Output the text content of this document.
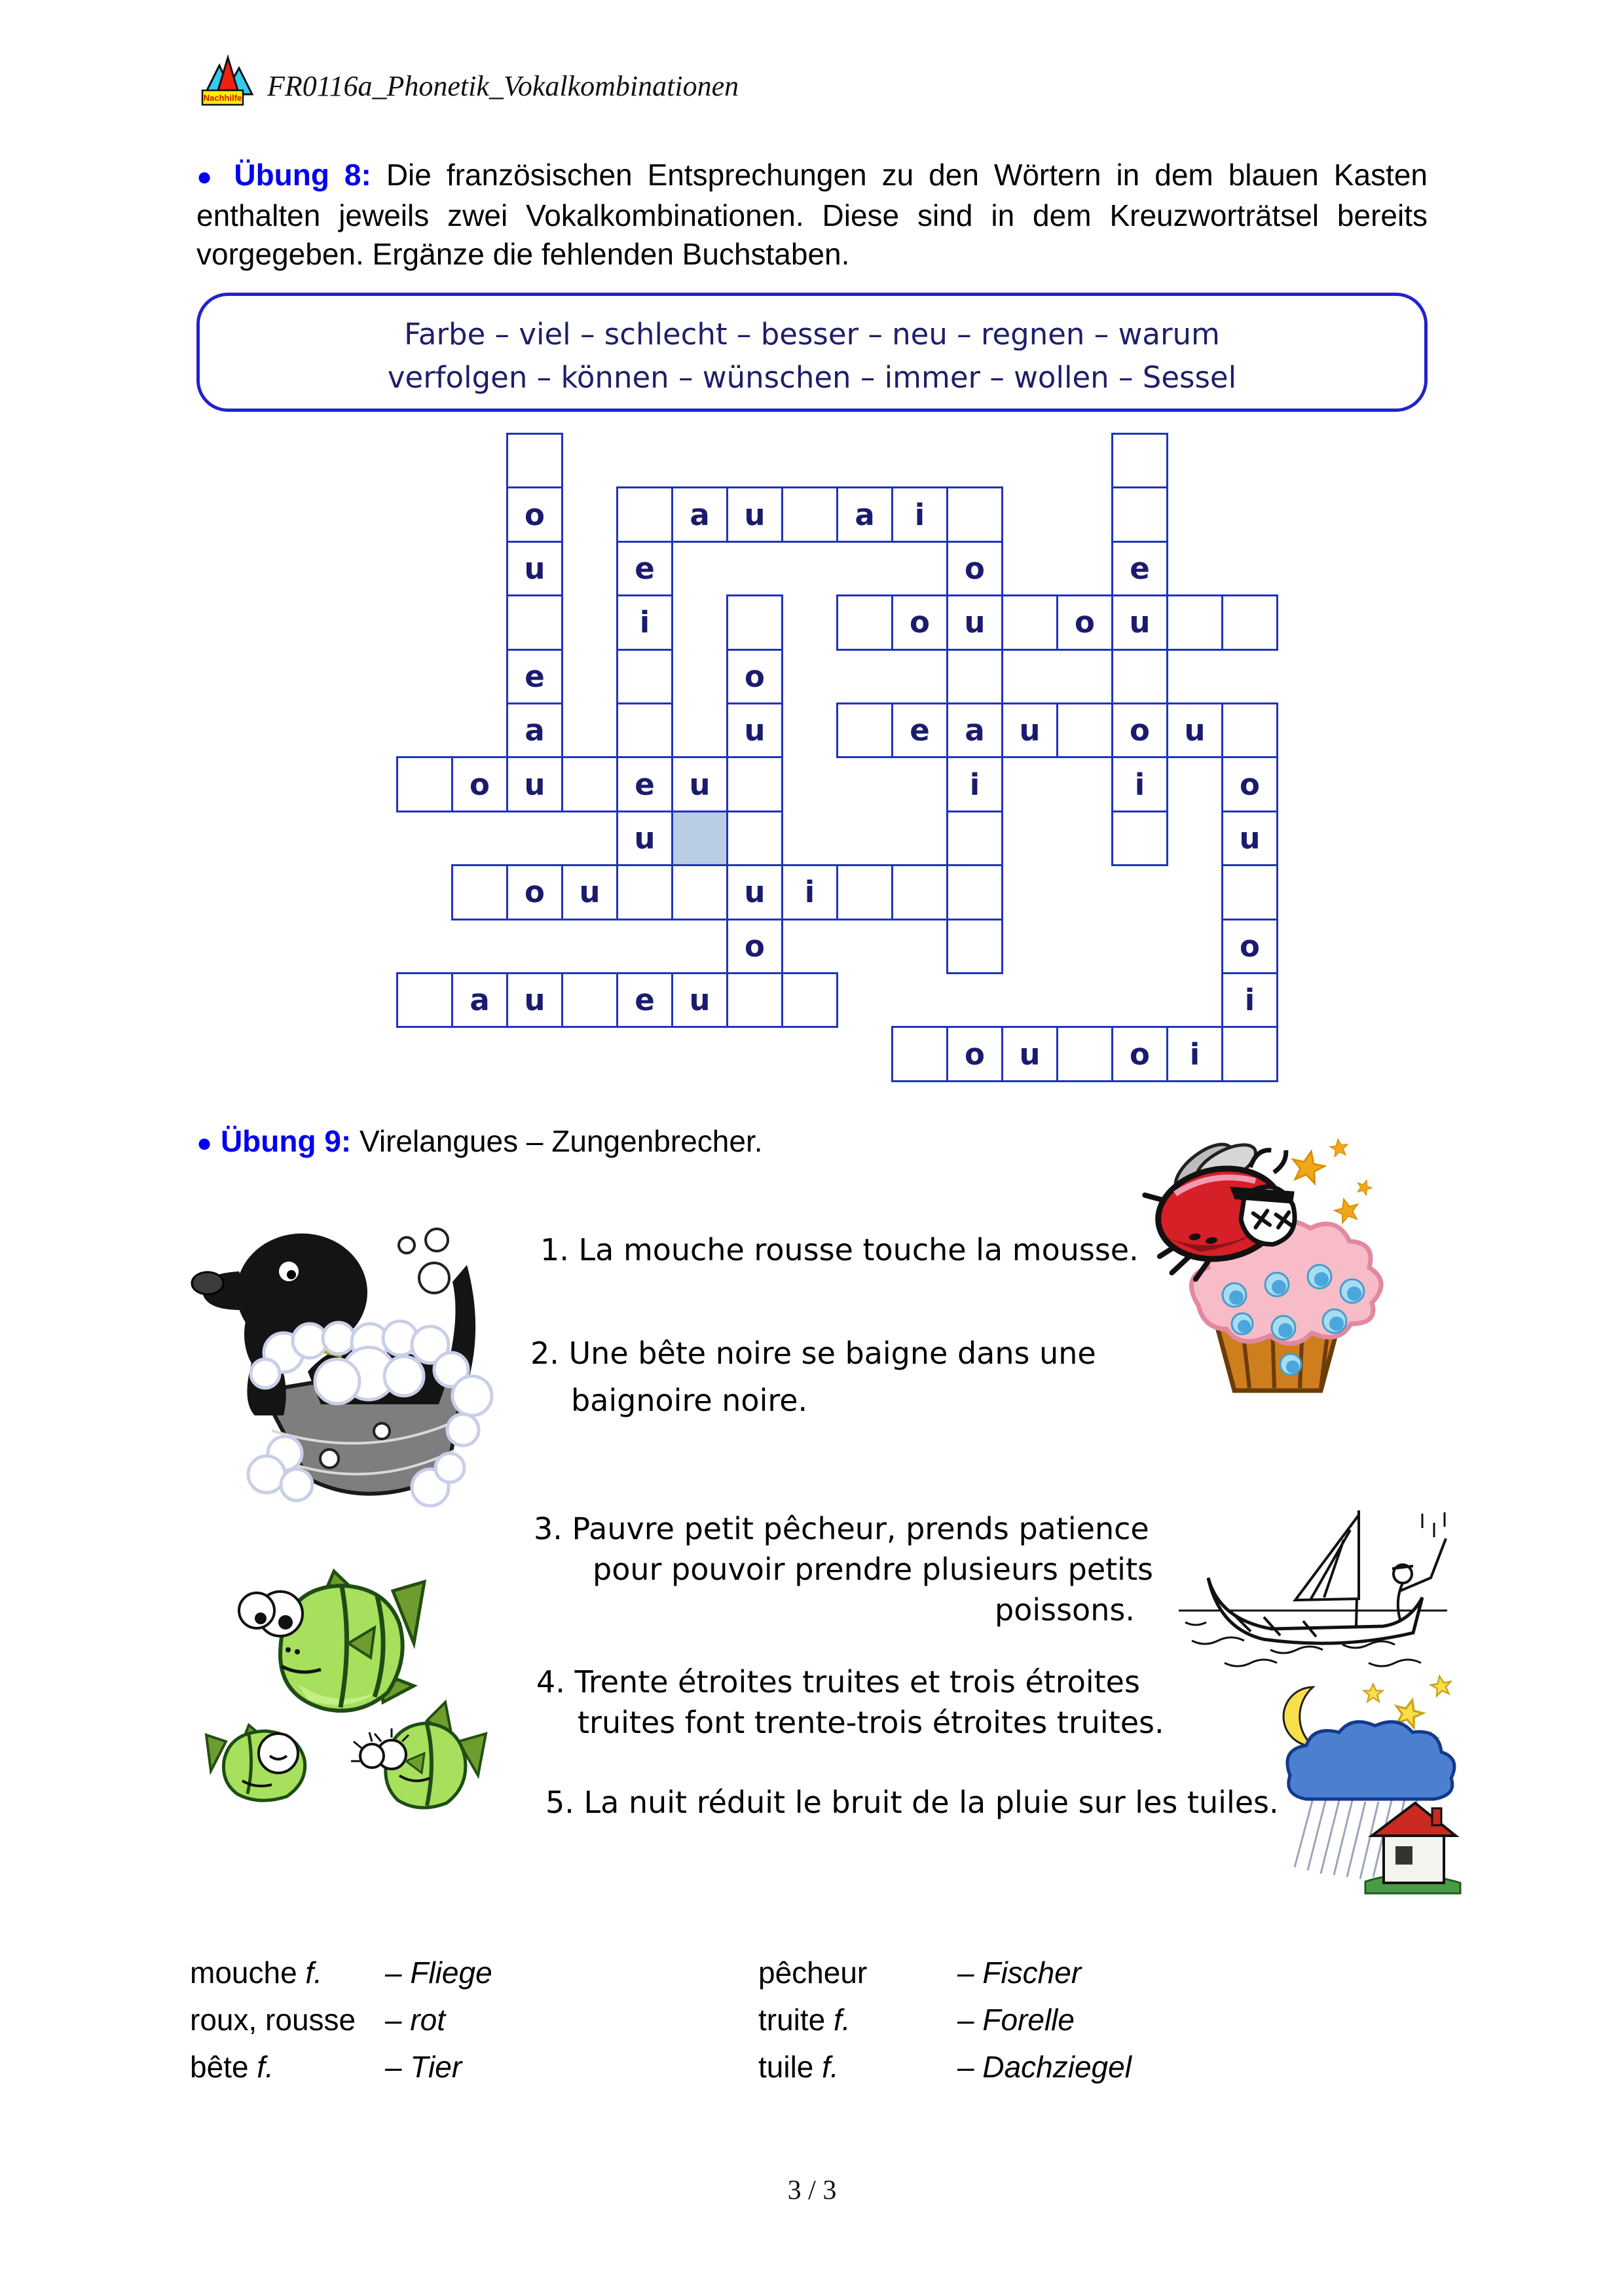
Nachhilfe FR0116a_Phonetik_Vokalkombinationen
● Übung 8: Die französischen Entsprechungen zu den Wörtern in dem blauen Kasten
enthalten jeweils zwei Vokalkombinationen. Diese sind in dem Kreuzworträtsel bereits
vorgegeben. Ergänze die fehlenden Buchstaben.
Farbe – viel – schlecht – besser – neu – regnen – warum
verfolgen – können – wünschen – immer – wollen – Sessel
o
u
e
a
u
a u	a i
e
i
e
u
o
u
a
i
e
u
o
i
o	o
e	u	u
o
u
o
i
o	u
o
u
u
o
o u	i
a u	e u
o u	o i
● Übung 9: Virelangues – Zungenbrecher.
1. La mouche rousse touche la mousse.
2. Une bête noire se baigne dans une
baignoire noire.
3. Pauvre petit pêcheur, prends patience
pour pouvoir prendre plusieurs petits
poissons.
4. Trente étroites truites et trois étroites
truites font trente-trois étroites truites.
5. La nuit réduit le bruit de la pluie sur les tuiles.
mouche f. – Fliege
roux, rousse – rot
bête f.	– Tier
pêcheur	– Fischer
truite f.	– Forelle
tuile f.	– Dachziegel
3 / 3
